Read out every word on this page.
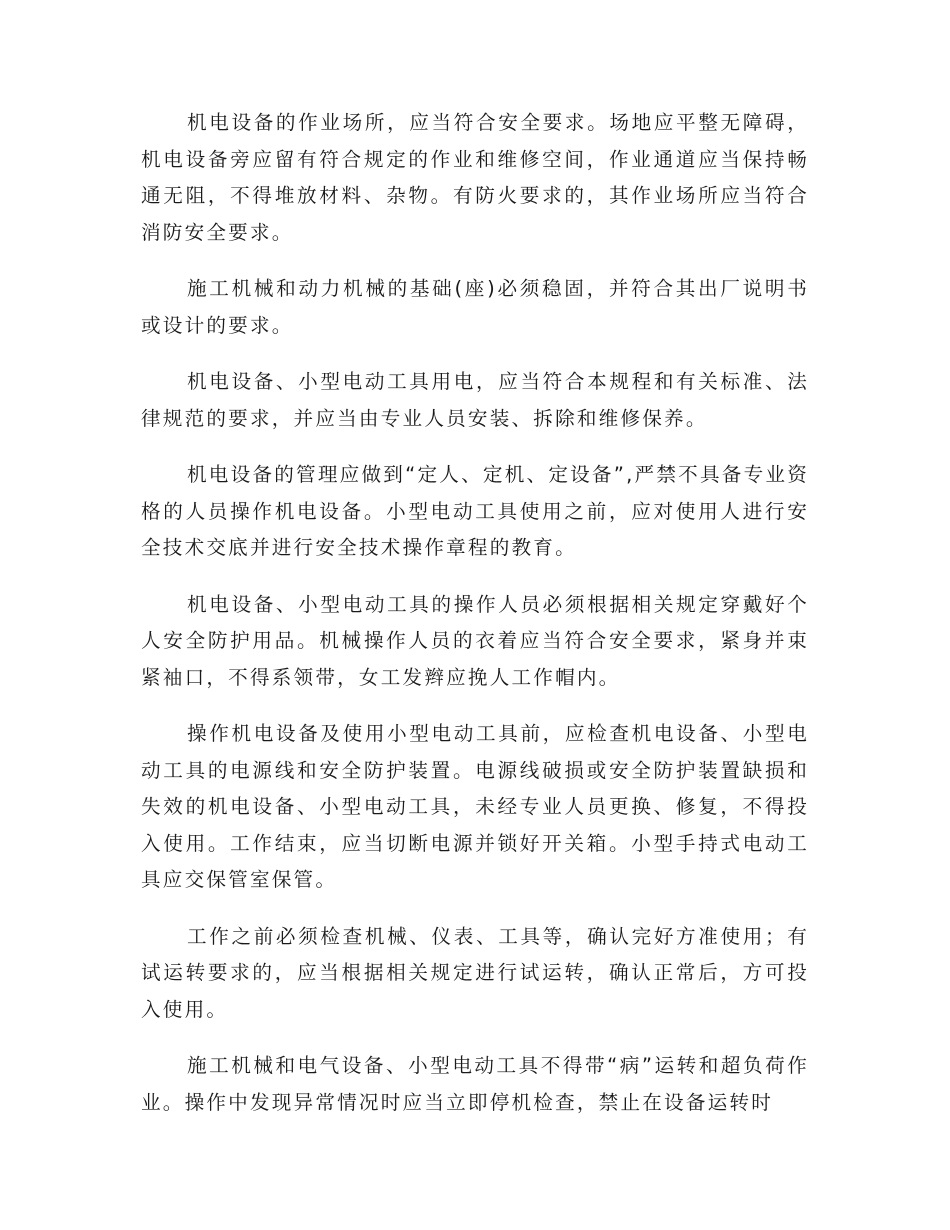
机电设备的作业场所，应当符合安全要求。场地应平整无障碍，机电设备旁应留有符合规定的作业和维修空间，作业通道应当保持畅通无阻，不得堆放材料、杂物。有防火要求的，其作业场所应当符合消防安全要求。

施工机械和动力机械的基础(座)必须稳固，并符合其出厂说明书或设计的要求。

机电设备、小型电动工具用电，应当符合本规程和有关标准、法律规范的要求，并应当由专业人员安装、拆除和维修保养。

机电设备的管理应做到“定人、定机、定设备”,严禁不具备专业资格的人员操作机电设备。小型电动工具使用之前，应对使用人进行安全技术交底并进行安全技术操作章程的教育。

机电设备、小型电动工具的操作人员必须根据相关规定穿戴好个人安全防护用品。机械操作人员的衣着应当符合安全要求，紧身并束紧袖口，不得系领带，女工发辫应挽人工作帽内。

操作机电设备及使用小型电动工具前，应检查机电设备、小型电动工具的电源线和安全防护装置。电源线破损或安全防护装置缺损和失效的机电设备、小型电动工具，未经专业人员更换、修复，不得投入使用。工作结束，应当切断电源并锁好开关箱。小型手持式电动工具应交保管室保管。

工作之前必须检查机械、仪表、工具等，确认完好方准使用；有试运转要求的，应当根据相关规定进行试运转，确认正常后，方可投入使用。

施工机械和电气设备、小型电动工具不得带“病”运转和超负荷作业。操作中发现异常情况时应当立即停机检查，禁止在设备运转时
